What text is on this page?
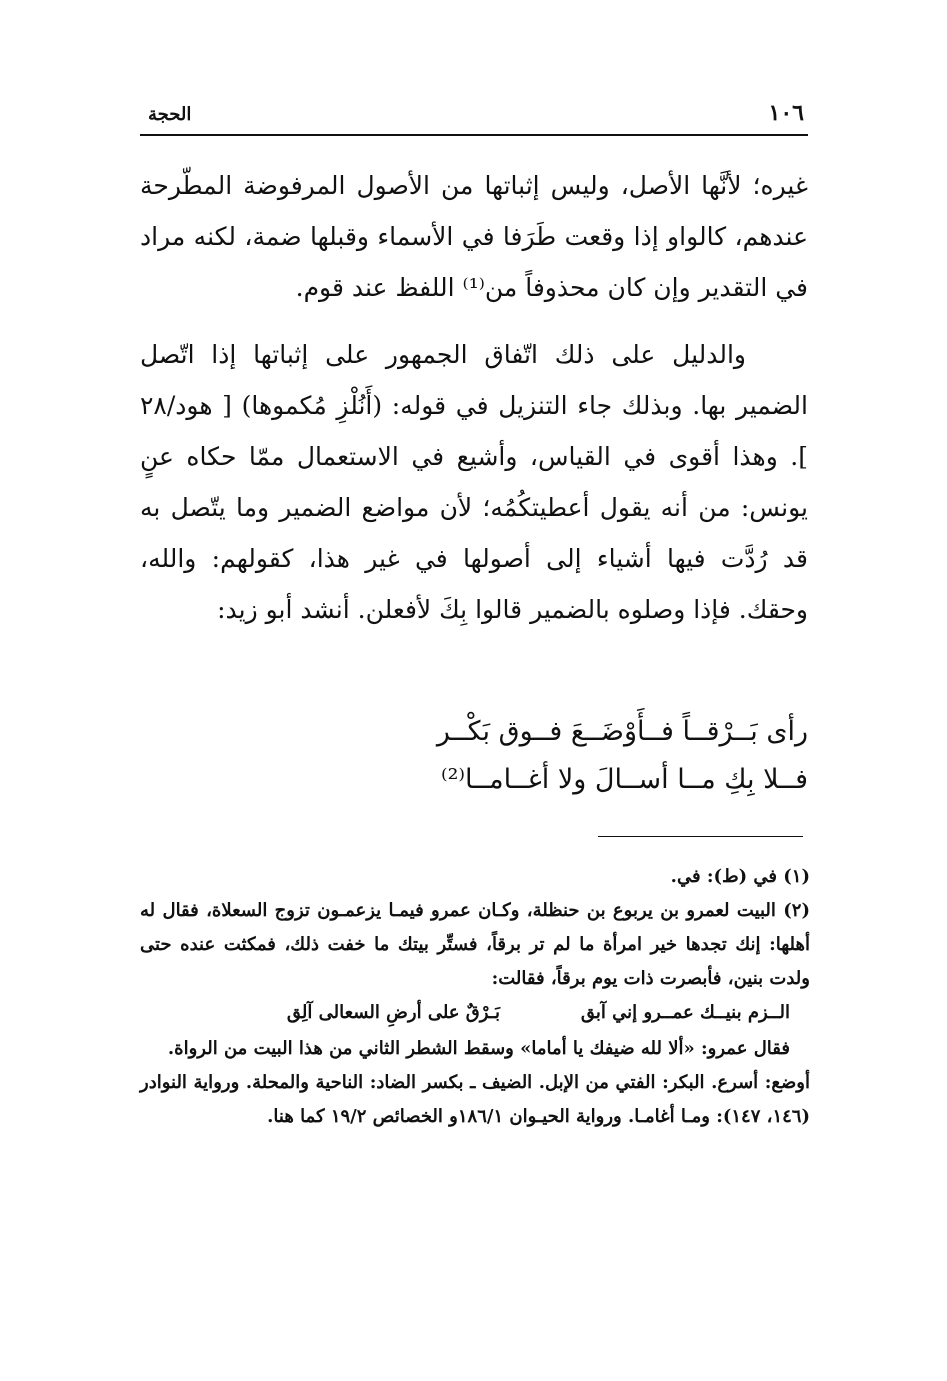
الحجة	١٠٦

غيره؛ لأنَّها الأصل، وليس إثباتها من الأصول المرفوضة المطّرحة عندهم، كالواو إذا وقعت طَرَفا في الأسماء وقبلها ضمة، لكنه مراد في التقدير وإن كان محذوفاً من⁽¹⁾ اللفظ عند قوم.

والدليل على ذلك اتّفاق الجمهور على إثباتها إذا اتّصل الضمير بها. وبذلك جاء التنزيل في قوله: (أَنُلْزِ مُكموها) [ هود/٢٨ ]. وهذا أقوى في القياس، وأشيع في الاستعمال ممّا حكاه عنٍ يونس: من أنه يقول أعطيتكُمُه؛ لأن مواضع الضمير وما يتّصل به قد رُدَّت فيها أشياء إلى أصولها في غير هذا، كقولهم: والله، وحقك. فإذا وصلوه بالضمير قالوا بِكَ لأفعلن. أنشد أبو زيد:

رأى بَــرْقــاً فــأَوْضَــعَ فــوق بَكْــر
فــلا بِكِ مــا أســالَ ولا أغــامــا⁽²⁾

(١) في (ط): في.

(٢) البيت لعمرو بن يربوع بن حنظلة، وكـان عمرو فيمـا يزعمـون تزوج السعلاة، فقال له أهلها: إنك تجدها خير امرأة ما لم تر برقاً، فستِّر بيتك ما خفت ذلك، فمكثت عنده حتى ولدت بنين، فأبصرت ذات يوم برقاً، فقالت:

الــزم بنيــك عمــرو إني آبق
بَـرْقٌ على أرضِ السعالى آلِق

فقال عمرو: «ألا لله ضيفك يا أماما» وسقط الشطر الثاني من هذا البيت من الرواة.

أوضع: أسرع. البكر: الفتي من الإبل. الضيف ـ بكسر الضاد: الناحية والمحلة. ورواية النوادر (١٤٦، ١٤٧): ومـا أغامـا. ورواية الحيـوان ١٨٦/١و الخصائص ١٩/٢ كما هنا.
